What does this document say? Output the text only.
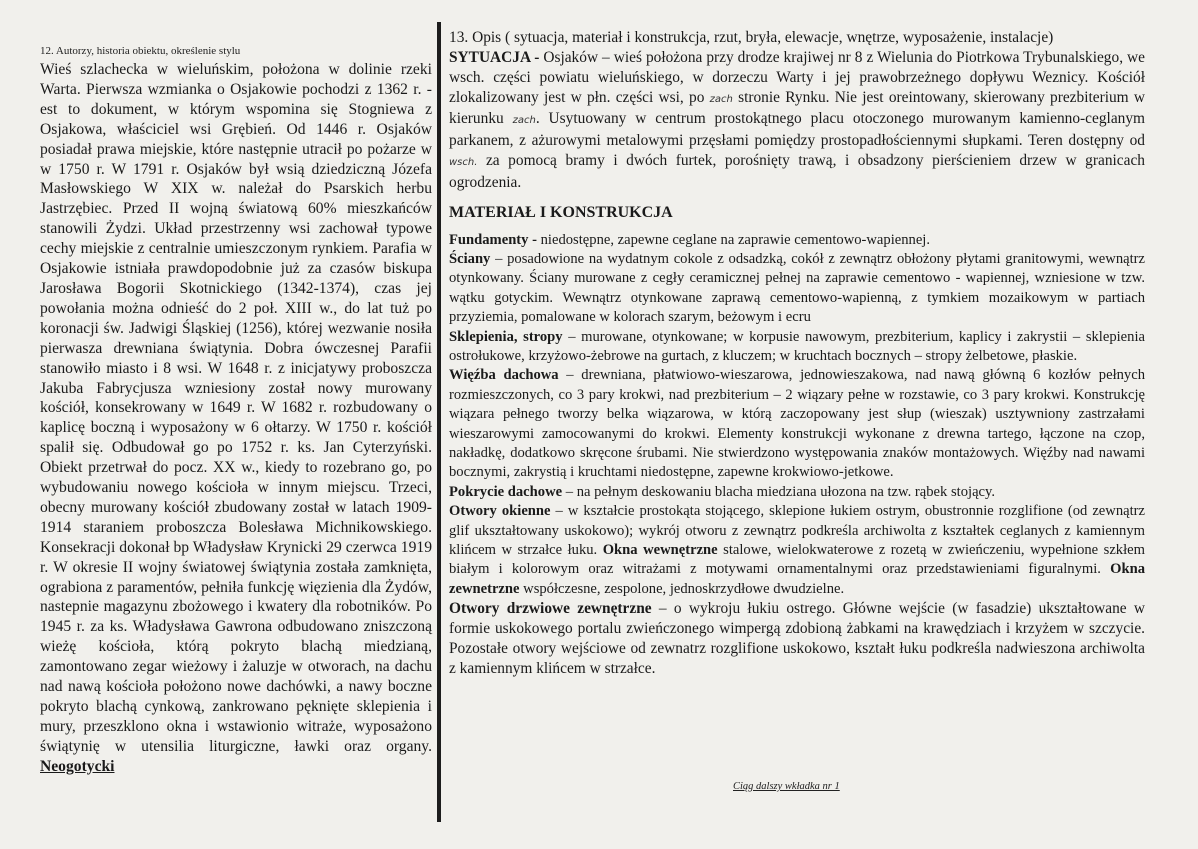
12. Autorzy, historia obiektu, określenie stylu

Wieś szlachecka w wieluńskim, położona w dolinie rzeki Warta. Pierwsza wzmianka o Osjakowie pochodzi z 1362 r. - est to dokument, w którym wspomina się Stogniewa z Osjakowa, właściciel wsi Grębień. Od 1446 r. Osjaków posiadał prawa miejskie, które następnie utracił po pożarze w w 1750 r. W 1791 r. Osjaków był wsią dziedziczną Józefa Masłowskiego W XIX w. należał do Psarskich herbu Jastrzębiec. Przed II wojną światową 60% mieszkańców stanowili Żydzi. Układ przestrzenny wsi zachował typowe cechy miejskie z centralnie umieszczonym rynkiem. Parafia w Osjakowie istniała prawdopodobnie już za czasów biskupa Jarosława Bogorii Skotnickiego (1342-1374), czas jej powołania można odnieść do 2 poł. XIII w., do lat tuż po koronacji św. Jadwigi Śląskiej (1256), której wezwanie nosiła pierwasza drewniana świątynia. Dobra ówczesnej Parafii stanowiło miasto i 8 wsi. W 1648 r. z inicjatywy proboszcza Jakuba Fabrycjusza wzniesiony został nowy murowany kościół, konsekrowany w 1649 r. W 1682 r. rozbudowany o kaplicę boczną i wyposażony w 6 ołtarzy. W 1750 r. kościół spalił się. Odbudował go po 1752 r. ks. Jan Cyterzyński. Obiekt przetrwał do pocz. XX w., kiedy to rozebrano go, po wybudowaniu nowego kościoła w innym miejscu. Trzeci, obecny murowany kościół zbudowany został w latach 1909-1914 staraniem proboszcza Bolesława Michnikowskiego. Konsekracji dokonał bp Władysław Krynicki 29 czerwca 1919 r. W okresie II wojny światowej świątynia została zamknięta, ograbiona z paramentów, pełniła funkcję więzienia dla Żydów, nastepnie magazynu zbożowego i kwatery dla robotników. Po 1945 r. za ks. Władysława Gawrona odbudowano zniszczoną wieżę kościoła, którą pokryto blachą miedzianą, zamontowano zegar wieżowy i żaluzje w otworach, na dachu nad nawą kościoła położono nowe dachówki, a nawy boczne pokryto blachą cynkową, zankrowano pęknięte sklepienia i mury, przeszklono okna i wstawionio witraże, wyposażono świątynię w utensilia liturgiczne, ławki oraz organy. Neogotycki

13. Opis ( sytuacja, materiał i konstrukcja, rzut, bryła, elewacje, wnętrze, wyposażenie, instalacje)

SYTUACJA - Osjaków – wieś położona przy drodze krajiwej nr 8 z Wielunia do Piotrkowa Trybunalskiego, we wsch. części powiatu wieluńskiego, w dorzeczu Warty i jej prawobrzeżnego dopływu Weznicy. Kościół zlokalizowany jest w płn. części wsi, po zach stronie Rynku. Nie jest oreintowany, skierowany prezbiterium w kierunku zach. Usytuowany w centrum prostokątnego placu otoczonego murowanym kamienno-ceglanym parkanem, z ażurowymi metalowymi przęsłami pomiędzy prostopadłościennymi słupkami. Teren dostępny od wsch. za pomocą bramy i dwóch furtek, porośnięty trawą, i obsadzony pierścieniem drzew w granicach ogrodzenia.

MATERIAŁ I KONSTRUKCJA

Fundamenty - niedostępne, zapewne ceglane na zaprawie cementowo-wapiennej.

Ściany – posadowione na wydatnym cokole z odsadzką, cokół z zewnątrz obłożony płytami granitowymi, wewnątrz otynkowany. Ściany murowane z cegły ceramicznej pełnej na zaprawie cementowo - wapiennej, wzniesione w tzw. wątku gotyckim. Wewnątrz otynkowane zaprawą cementowo-wapienną, z tymkiem mozaikowym w partiach przyziemia, pomalowane w kolorach szarym, beżowym i ecru

Sklepienia, stropy – murowane, otynkowane; w korpusie nawowym, prezbiterium, kaplicy i zakrystii – sklepienia ostrołukowe, krzyżowo-żebrowe na gurtach, z kluczem; w kruchtach bocznych – stropy żelbetowe, płaskie.

Więźba dachowa – drewniana, płatwiowo-wieszarowa, jednowieszakowa, nad nawą główną 6 kozłów pełnych rozmieszczonych, co 3 pary krokwi, nad prezbiterium – 2 wiązary pełne w rozstawie, co 3 pary krokwi. Konstrukcję wiązara pełnego tworzy belka wiązarowa, w którą zaczopowany jest słup (wieszak) usztywniony zastrzałami wieszarowymi zamocowanymi do krokwi. Elementy konstrukcji wykonane z drewna tartego, łączone na czop, nakładkę, dodatkowo skręcone śrubami. Nie stwierdzono występowania znaków montażowych. Więźby nad nawami bocznymi, zakrystią i kruchtami niedostępne, zapewne krokwiowo-jetkowe.

Pokrycie dachowe – na pełnym deskowaniu blacha miedziana ułozona na tzw. rąbek stojący.

Otwory okienne – w kształcie prostokąta stojącego, sklepione łukiem ostrym, obustronnie rozglifione (od zewnątrz glif ukształtowany uskokowo); wykrój otworu z zewnątrz podkreśla archiwolta z kształtek ceglanych z kamiennym klińcem w strzałce łuku. Okna wewnętrzne stalowe, wielokwaterowe z rozetą w zwieńczeniu, wypełnione szkłem białym i kolorowym oraz witrażami z motywami ornamentalnymi oraz przedstawieniami figuralnymi. Okna zewnetrzne współczesne, zespolone, jednoskrzydłowe dwudzielne.

Otwory drzwiowe zewnętrzne – o wykroju łukiu ostrego. Główne wejście (w fasadzie) ukształtowane w formie uskokowego portalu zwieńczonego wimpergą zdobioną żabkami na krawędziach i krzyżem w szczycie. Pozostałe otwory wejściowe od zewnatrz rozglifione uskokowo, kształt łuku podkreśla nadwieszona archiwolta z kamiennym klińcem w strzałce.

Ciąg dalszy wkładka nr 1
